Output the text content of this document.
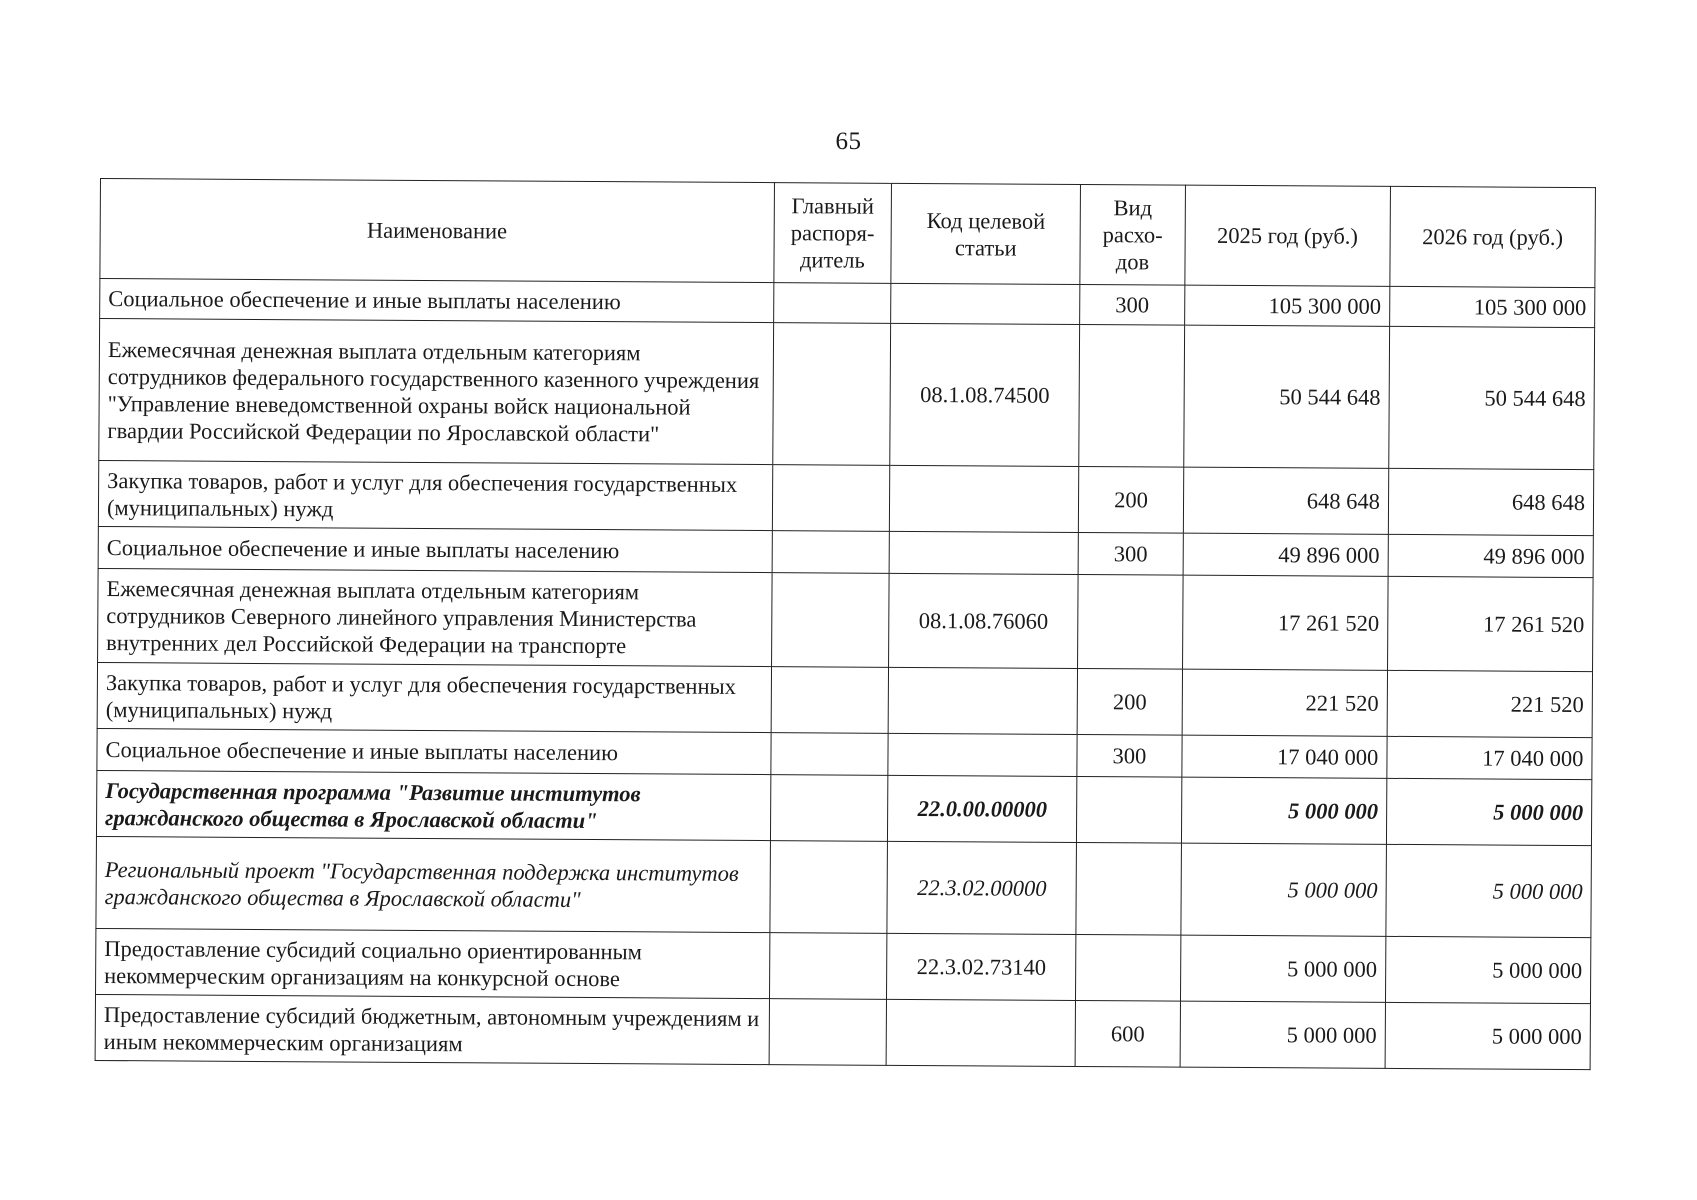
65
Наименование	Главный распоря-дитель	Код целевой статьи	Вид расхо-дов	2025 год (руб.)	2026 год (руб.)
Социальное обеспечение и иные выплаты населению			300	105 300 000	105 300 000
Ежемесячная денежная выплата отдельным категориям сотрудников федерального государственного казенного учреждения "Управление вневедомственной охраны войск национальной гвардии Российской Федерации по Ярославской области"		08.1.08.74500		50 544 648	50 544 648
Закупка товаров, работ и услуг для обеспечения государственных (муниципальных) нужд			200	648 648	648 648
Социальное обеспечение и иные выплаты населению			300	49 896 000	49 896 000
Ежемесячная денежная выплата отдельным категориям сотрудников Северного линейного управления Министерства внутренних дел Российской Федерации на транспорте		08.1.08.76060		17 261 520	17 261 520
Закупка товаров, работ и услуг для обеспечения государственных (муниципальных) нужд			200	221 520	221 520
Социальное обеспечение и иные выплаты населению			300	17 040 000	17 040 000
Государственная программа "Развитие институтов гражданского общества в Ярославской области"		22.0.00.00000		5 000 000	5 000 000
Региональный проект "Государственная поддержка институтов гражданского общества в Ярославской области"		22.3.02.00000		5 000 000	5 000 000
Предоставление субсидий социально ориентированным некоммерческим организациям на конкурсной основе		22.3.02.73140		5 000 000	5 000 000
Предоставление субсидий бюджетным, автономным учреждениям и иным некоммерческим организациям			600	5 000 000	5 000 000
